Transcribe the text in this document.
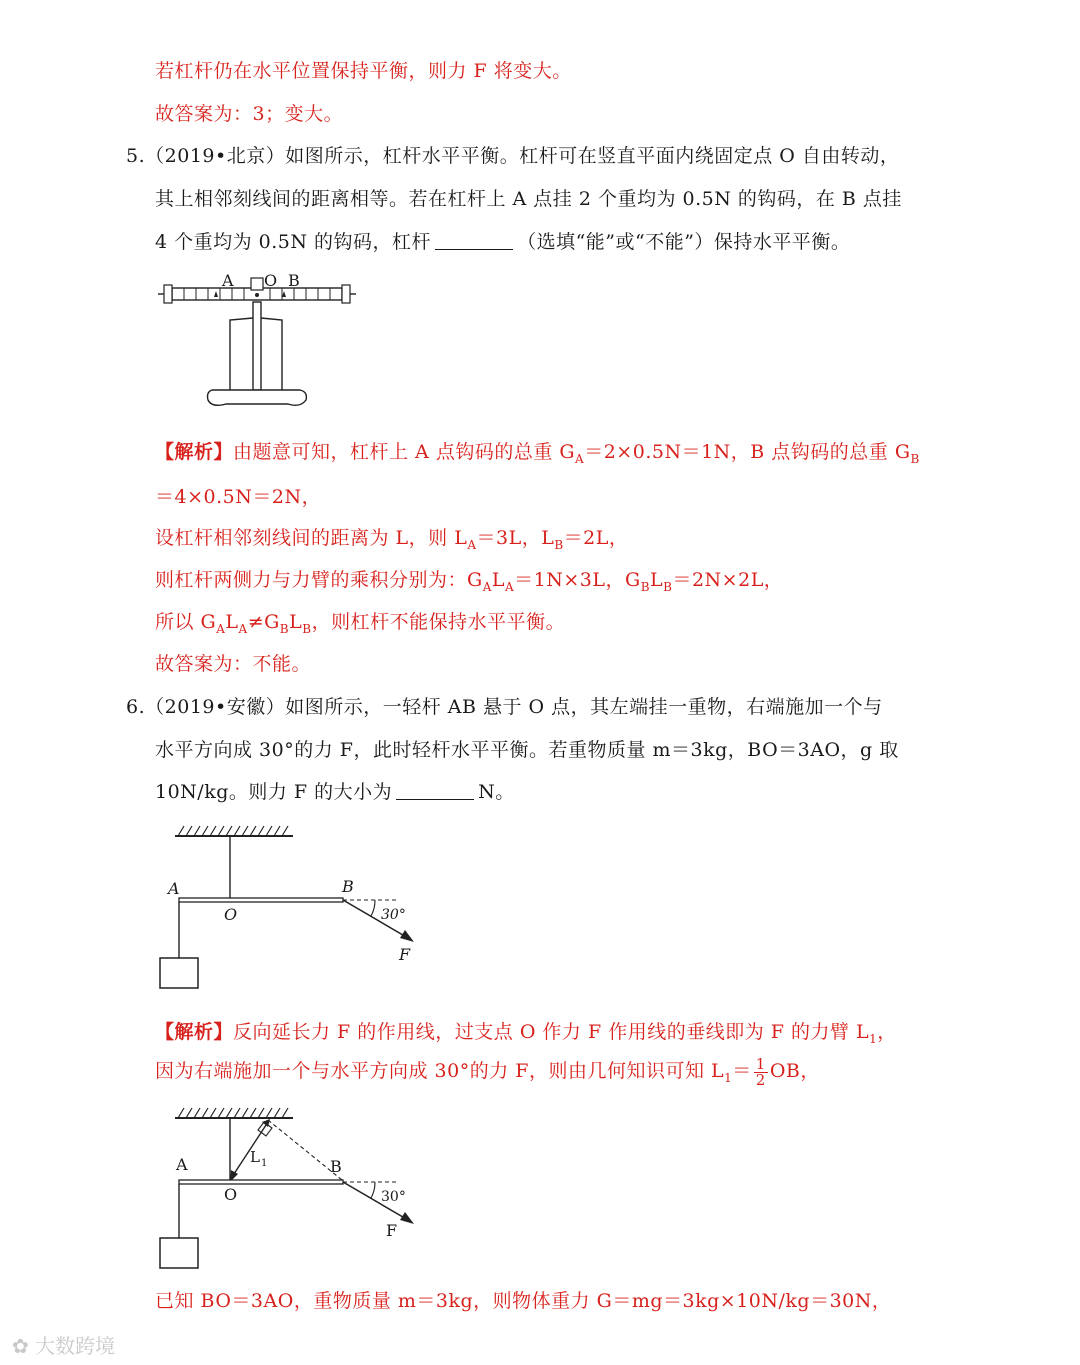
若杠杆仍在水平位置保持平衡，则力 F 将变大。
故答案为：3；变大。
5.（2019•北京）如图所示，杠杆水平平衡。杠杆可在竖直平面内绕固定点 O 自由转动，
其上相邻刻线间的距离相等。若在杠杆上 A 点挂 2 个重均为 0.5N 的钩码，在 B 点挂
4 个重均为 0.5N 的钩码，杠杆	（选填“能”或“不能”）保持水平平衡。
A O B
【解析】由题意可知，杠杆上 A 点钩码的总重 $G_A=2\times 0.5N=1N$，B 点钩码的总重 $G_B$
＝4×0.5N＝2N，
设杠杆相邻刻线间的距离为 L，则 $L_A=3L$，$L_B=2L$，
则杠杆两侧力与力臂的乘积分别为：$G_AL_A=1N\times 3L$，$G_BL_B=2N\times 2L$，
所以 $G_AL_A\ne G_BL_B$，则杠杆不能保持水平平衡。
故答案为：不能。
6.（2019•安徽）如图所示，一轻杆 AB 悬于 O 点，其左端挂一重物，右端施加一个与
水平方向成 30°的力 F，此时轻杆水平平衡。若重物质量 m＝3kg，BO＝3AO，g 取
10N/kg。则力 F 的大小为	N。
A
O
B
30°
F
【解析】反向延长力 F 的作用线，过支点 O 作力 F 作用线的垂线即为 F 的力臂 $L_1$，
因为右端施加一个与水平方向成 30°的力 F，则由几何知识可知 $L_1= \frac{1}{2}$ OB，
A
O
B
L 1
30°
F
已知 BO＝3AO，重物质量 m＝3kg，则物体重力 G＝mg＝3kg×10N/kg＝30N，
✿ 大数跨境
